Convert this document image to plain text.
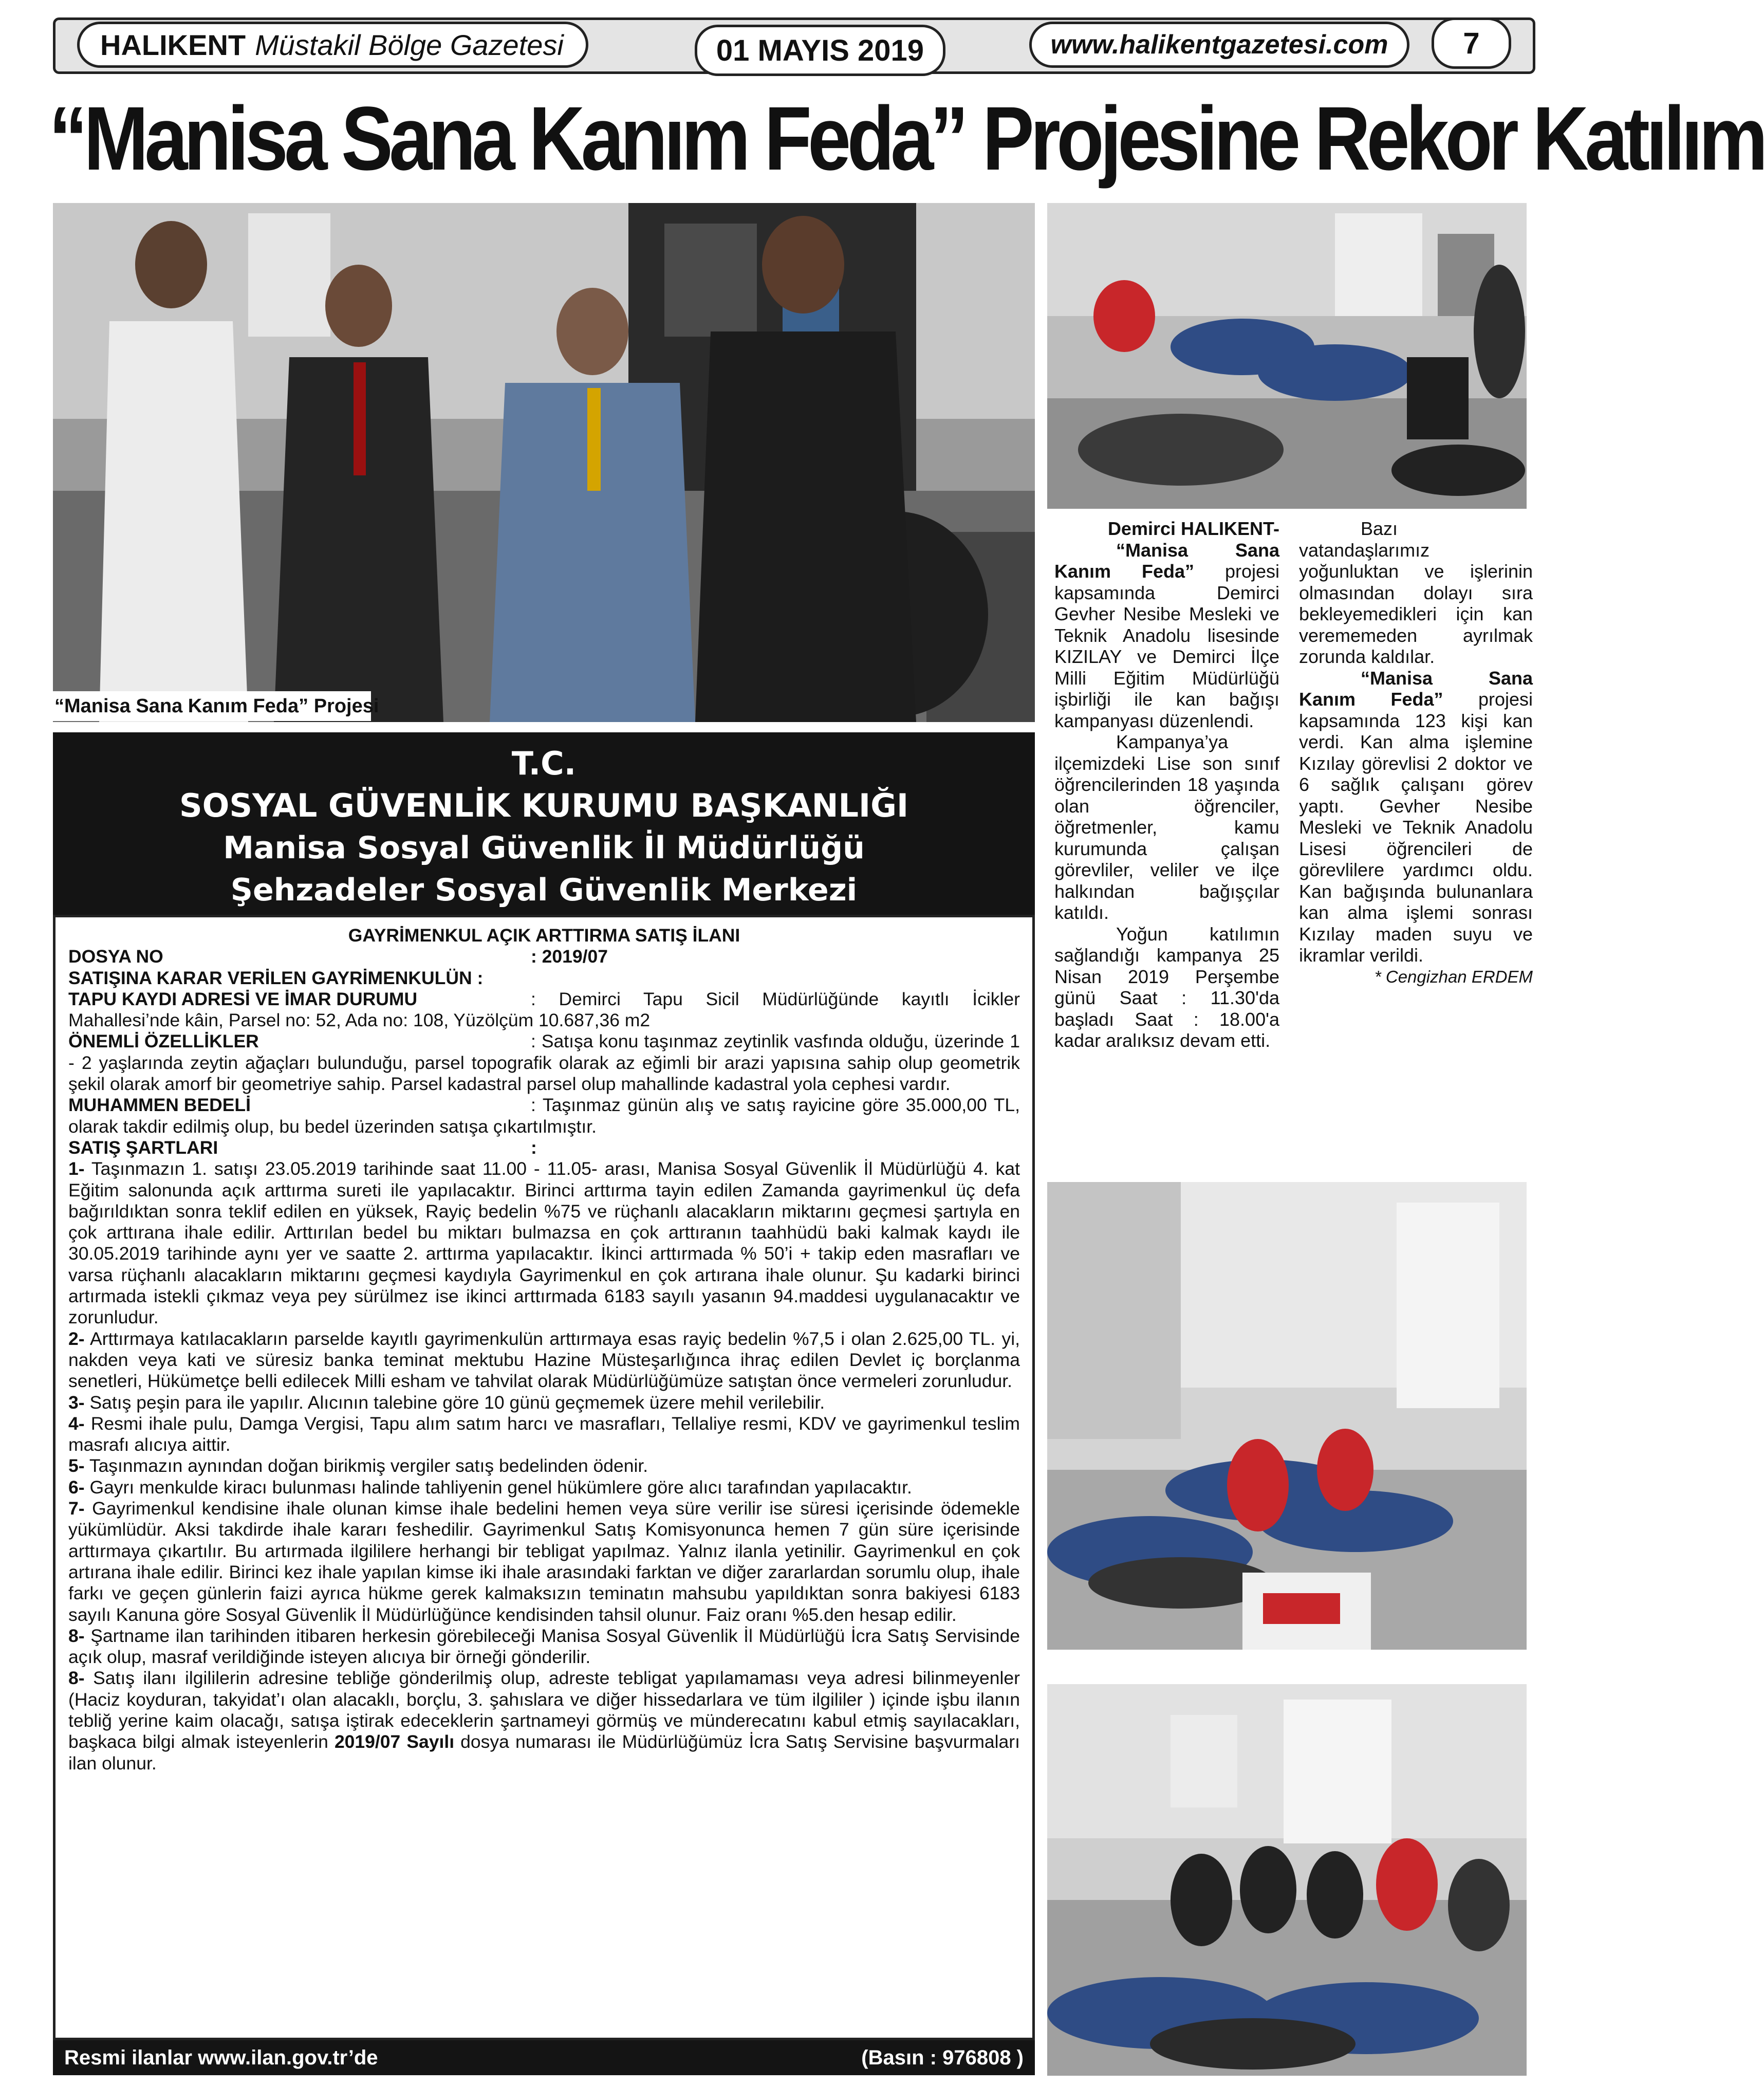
HALIKENT Müstakil Bölge Gazetesi	01 MAYIS 2019	www.halikentgazetesi.com	7
“Manisa Sana Kanım Feda” Projesine Rekor Katılım
“Manisa Sana Kanım Feda” Projesi
T.C.
SOSYAL GÜVENLİK KURUMU BAŞKANLIĞI
Manisa Sosyal Güvenlik İl Müdürlüğü
Şehzadeler Sosyal Güvenlik Merkezi

GAYRİMENKUL AÇIK ARTTIRMA SATIŞ İLANI

DOSYA NO	: 2019/07

SATIŞINA KARAR VERİLEN GAYRİMENKULÜN :

TAPU KAYDI ADRESİ VE İMAR DURUMU	: Demirci Tapu Sicil Müdürlüğünde kayıtlı İcikler Mahallesi’nde kâin, Parsel no: 52, Ada no: 108, Yüzölçüm 10.687,36 m2

ÖNEMLİ ÖZELLİKLER	: Satışa konu taşınmaz zeytinlik vasfında olduğu, üzerinde 1 - 2 yaşlarında zeytin ağaçları bulunduğu, parsel topografik olarak az eğimli bir arazi yapısına sahip olup geometrik şekil olarak amorf bir geometriye sahip. Parsel kadastral parsel olup mahallinde kadastral yola cephesi vardır.

MUHAMMEN BEDELİ	: Taşınmaz günün alış ve satış rayicine göre 35.000,00 TL, olarak takdir edilmiş olup, bu bedel üzerinden satışa çıkartılmıştır.

SATIŞ ŞARTLARI	:

1- Taşınmazın 1. satışı 23.05.2019 tarihinde saat 11.00 - 11.05- arası, Manisa Sosyal Güvenlik İl Müdürlüğü 4. kat Eğitim salonunda açık arttırma sureti ile yapılacaktır. Birinci arttırma tayin edilen Zamanda gayrimenkul üç defa bağırıldıktan sonra teklif edilen en yüksek, Rayiç bedelin %75 ve rüçhanlı alacakların miktarını geçmesi şartıyla en çok arttırana ihale edilir. Arttırılan bedel bu miktarı bulmazsa en çok arttıranın taahhüdü baki kalmak kaydı ile 30.05.2019 tarihinde aynı yer ve saatte 2. arttırma yapılacaktır. İkinci arttırmada % 50’i + takip eden masrafları ve varsa rüçhanlı alacakların miktarını geçmesi kaydıyla Gayrimenkul en çok artırana ihale olunur. Şu kadarki birinci artırmada istekli çıkmaz veya pey sürülmez ise ikinci arttırmada 6183 sayılı yasanın 94.maddesi uygulanacaktır ve zorunludur.

2- Arttırmaya katılacakların parselde kayıtlı gayrimenkulün arttırmaya esas rayiç bedelin %7,5 i olan 2.625,00 TL. yi, nakden veya kati ve süresiz banka teminat mektubu Hazine Müsteşarlığınca ihraç edilen Devlet iç borçlanma senetleri, Hükümetçe belli edilecek Milli esham ve tahvilat olarak Müdürlüğümüze satıştan önce vermeleri zorunludur.

3- Satış peşin para ile yapılır. Alıcının talebine göre 10 günü geçmemek üzere mehil verilebilir.

4- Resmi ihale pulu, Damga Vergisi, Tapu alım satım harcı ve masrafları, Tellaliye resmi, KDV ve gayrimenkul teslim masrafı alıcıya aittir.

5- Taşınmazın aynından doğan birikmiş vergiler satış bedelinden ödenir.

6- Gayrı menkulde kiracı bulunması halinde tahliyenin genel hükümlere göre alıcı tarafından yapılacaktır.

7- Gayrimenkul kendisine ihale olunan kimse ihale bedelini hemen veya süre verilir ise süresi içerisinde ödemekle yükümlüdür. Aksi takdirde ihale kararı feshedilir. Gayrimenkul Satış Komisyonunca hemen 7 gün süre içerisinde arttırmaya çıkartılır. Bu artırmada ilgililere herhangi bir tebligat yapılmaz. Yalnız ilanla yetinilir. Gayrimenkul en çok artırana ihale edilir. Birinci kez ihale yapılan kimse iki ihale arasındaki farktan ve diğer zararlardan sorumlu olup, ihale farkı ve geçen günlerin faizi ayrıca hükme gerek kalmaksızın teminatın mahsubu yapıldıktan sonra bakiyesi 6183 sayılı Kanuna göre Sosyal Güvenlik İl Müdürlüğünce kendisinden tahsil olunur. Faiz oranı %5.den hesap edilir.

8- Şartname ilan tarihinden itibaren herkesin görebileceği Manisa Sosyal Güvenlik İl Müdürlüğü İcra Satış Servisinde açık olup, masraf verildiğinde isteyen alıcıya bir örneği gönderilir.

8- Satış ilanı ilgililerin adresine tebliğe gönderilmiş olup, adreste tebligat yapılamaması veya adresi bilinmeyenler (Haciz koyduran, takyidat’ı olan alacaklı, borçlu, 3. şahıslara ve diğer hissedarlara ve tüm ilgililer ) içinde işbu ilanın tebliğ yerine kaim olacağı, satışa iştirak edeceklerin şartnameyi görmüş ve münderecatını kabul etmiş sayılacakları, başkaca bilgi almak isteyenlerin 2019/07 Sayılı dosya numarası ile Müdürlüğümüz İcra Satış Servisine başvurmaları ilan olunur.

Resmi ilanlar www.ilan.gov.tr’de	(Basın : 976808 )

Demirci HALIKENT-

“Manisa Sana Kanım Feda” projesi kapsamında Demirci Gevher Nesibe Mesleki ve Teknik Anadolu lisesinde KIZILAY ve Demirci İlçe Milli Eğitim Müdürlüğü işbirliği ile kan bağışı kampanyası düzenlendi.

Kampanya’ya ilçemizdeki Lise son sınıf öğrencilerinden 18 yaşında olan öğrenciler, öğretmenler, kamu kurumunda çalışan görevliler, veliler ve ilçe halkından bağışçılar katıldı.

Yoğun katılımın sağlandığı kampanya 25 Nisan 2019 Perşembe günü Saat : 11.30'da başladı Saat : 18.00'a kadar aralıksız devam etti.

Bazı vatandaşlarımız yoğunluktan ve işlerinin olmasından dolayı sıra bekleyemedikleri için kan verememeden ayrılmak zorunda kaldılar.

“Manisa Sana Kanım Feda” projesi kapsamında 123 kişi kan verdi. Kan alma işlemine Kızılay görevlisi 2 doktor ve 6 sağlık çalışanı görev yaptı. Gevher Nesibe Mesleki ve Teknik Anadolu Lisesi öğrencileri de görevlilere yardımcı oldu. Kan bağışında bulunanlara kan alma işlemi sonrası Kızılay maden suyu ve ikramlar verildi.

* Cengizhan ERDEM
